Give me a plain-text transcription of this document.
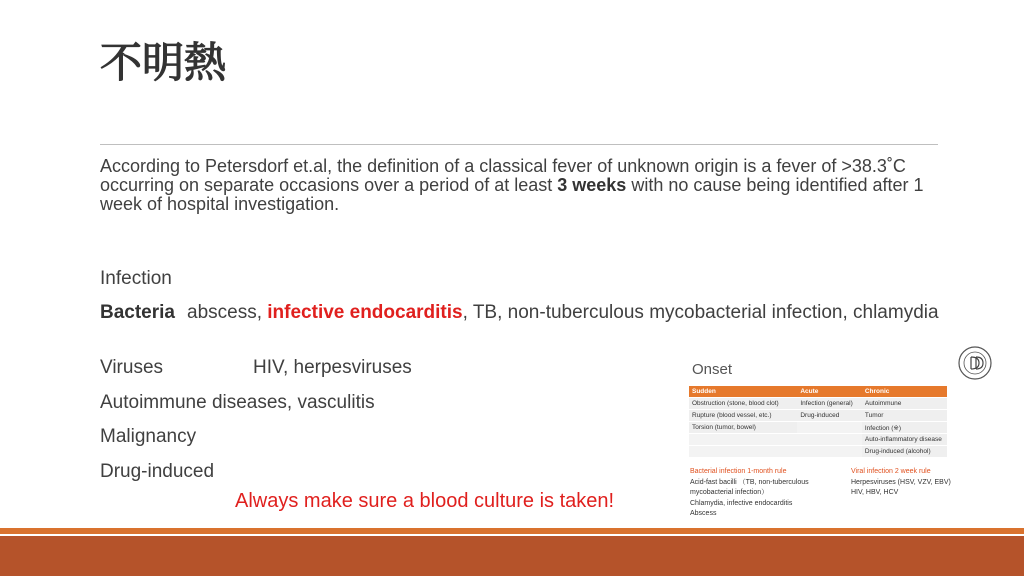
不明熱
According to Petersdorf et.al, the definition of a classical fever of unknown origin is a fever of >38.3˚C occurring on separate occasions over a period of at least 3 weeks with no cause being identified after 1 week of hospital investigation.
Infection
Bacteria abscess, infective endocarditis, TB, non-tuberculous mycobacterial infection, chlamydia
Viruses	HIV, herpesviruses
Autoimmune diseases, vasculitis
Malignancy
Drug-induced
Always make sure a blood culture is taken!
Onset
Sudden	Acute	Chronic
Obstruction (stone, blood clot)	Infection (general)	Autoimmune
Rupture (blood vessel, etc.)	Drug-induced	Tumor
Torsion (tumor, bowel)		Infection (※)
		Auto-inflammatory disease
		Drug-induced (alcohol)
Bacterial infection 1-month rule
Acid-fast bacilli （TB, non-tuberculous
mycobacterial infection）
Chlamydia, infective endocarditis
Abscess
Viral infection 2 week rule
Herpesviruses (HSV, VZV, EBV)
HIV, HBV, HCV
